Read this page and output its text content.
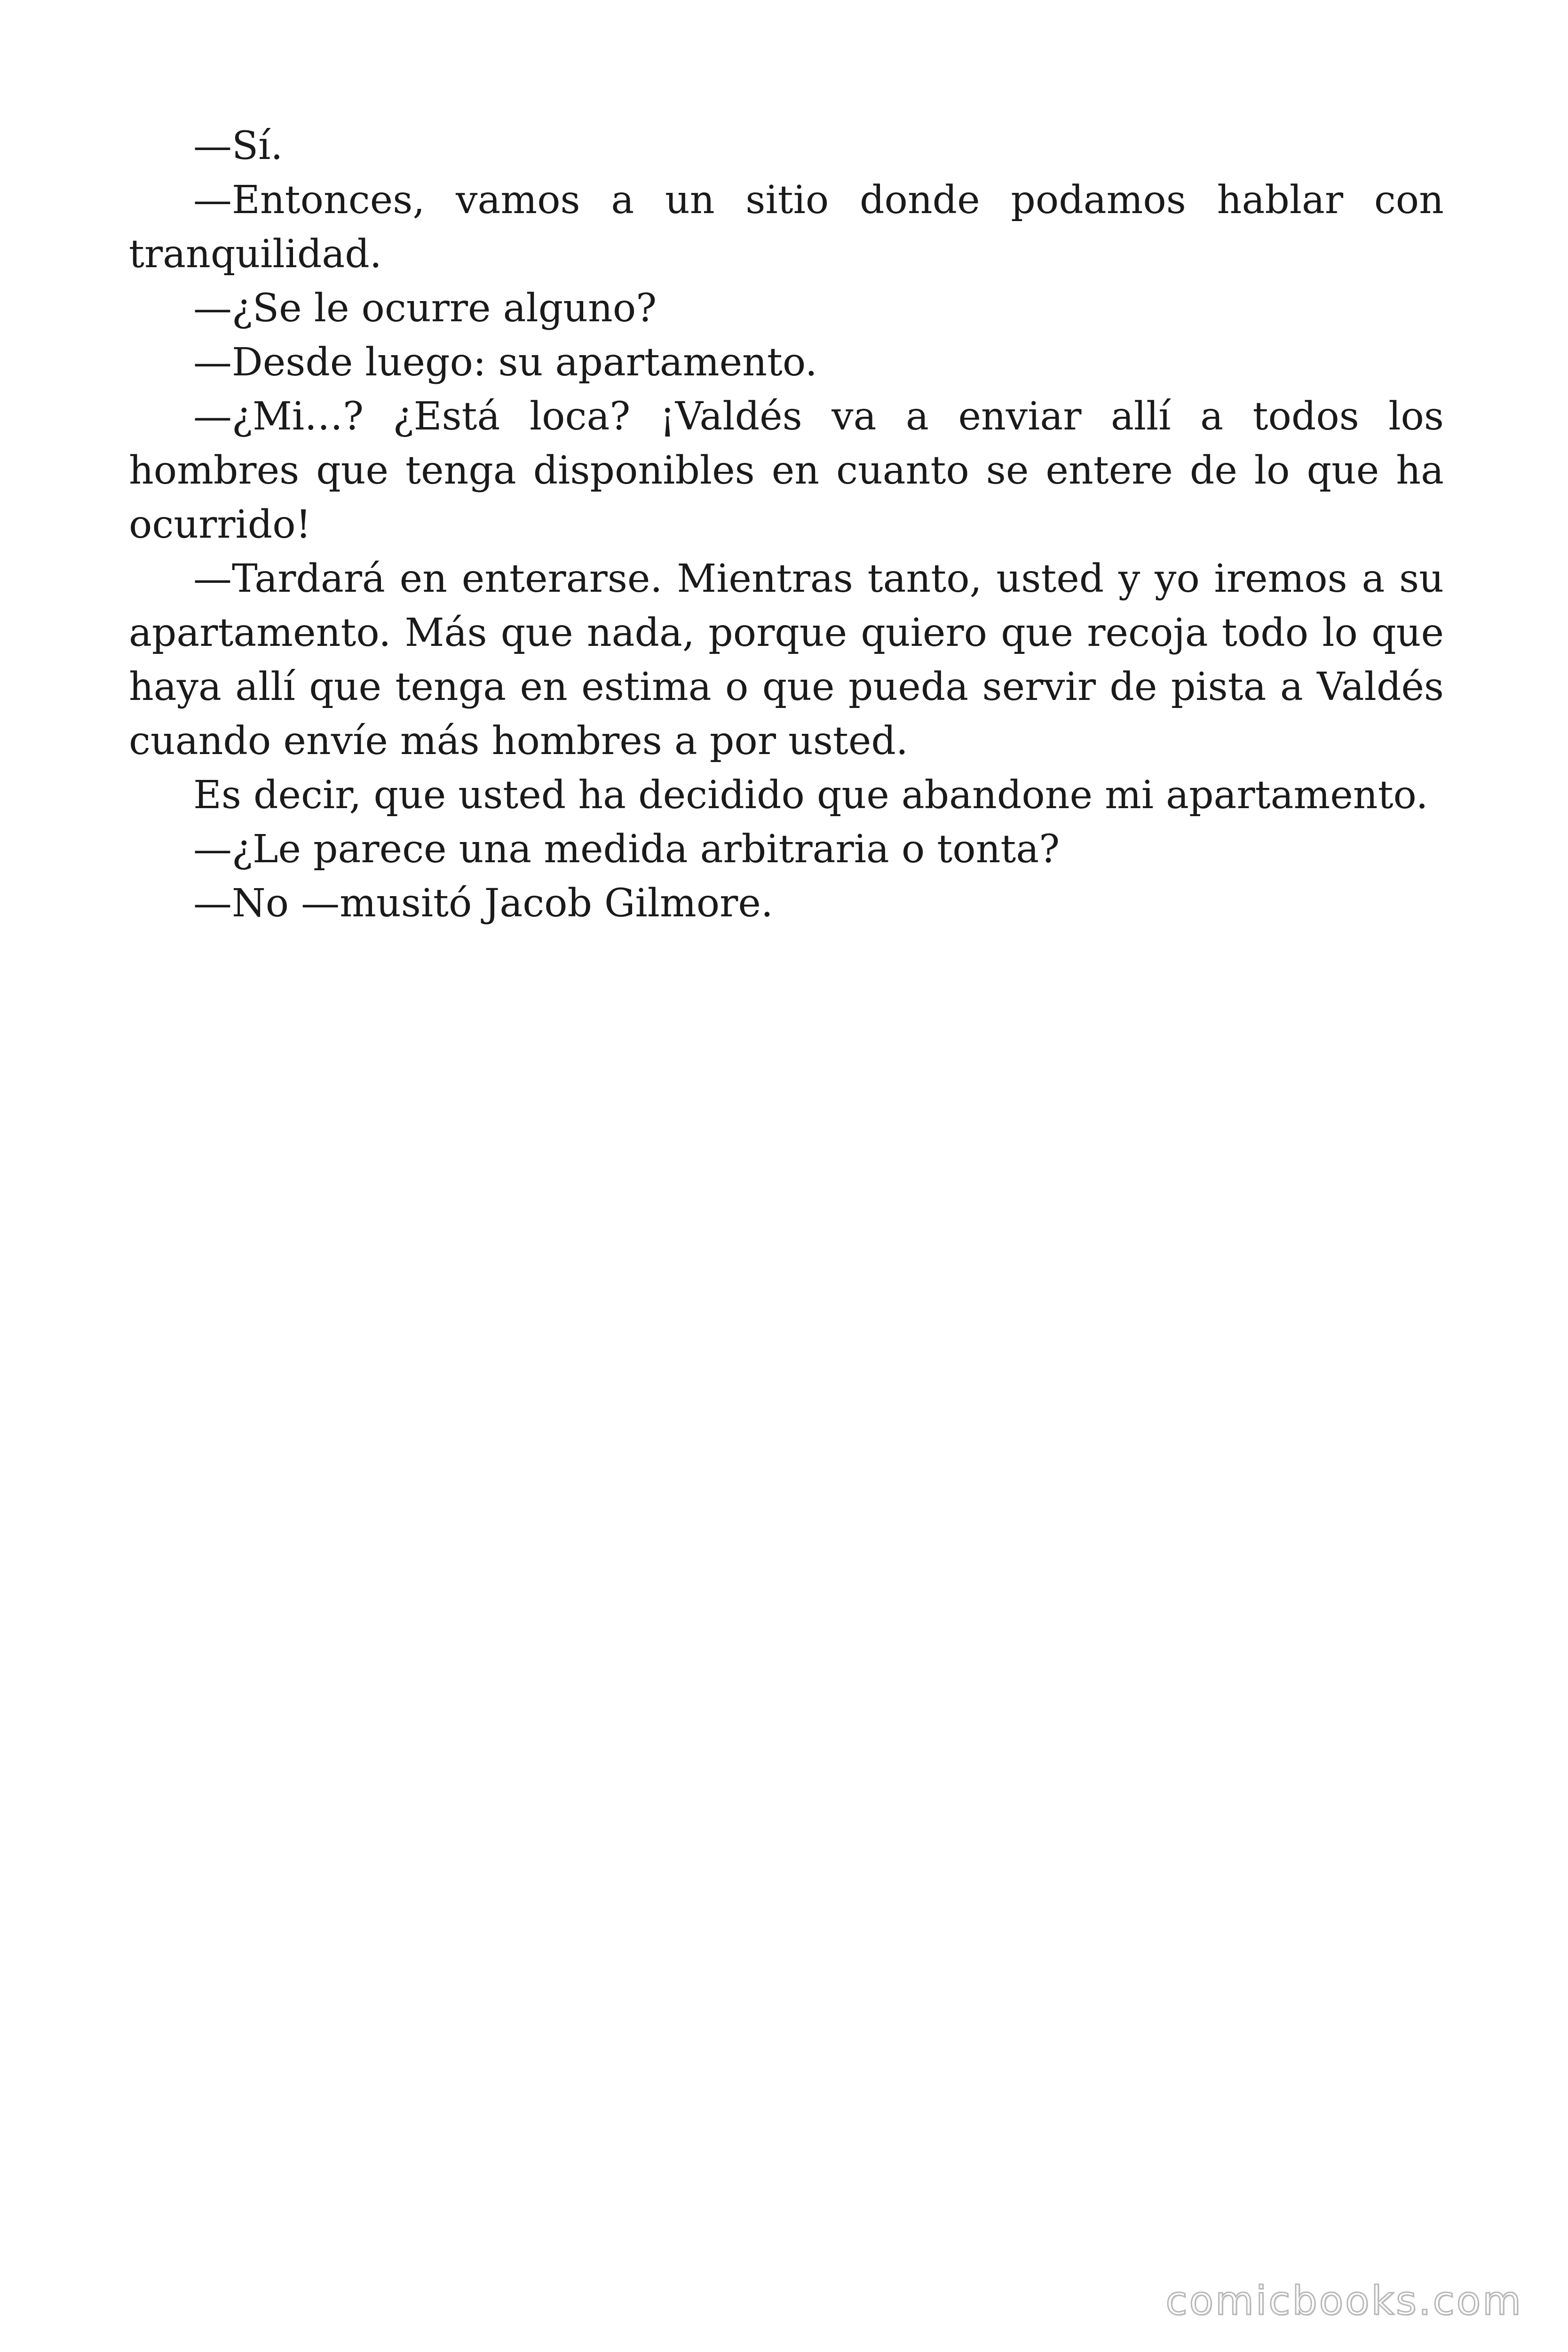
—Sí.

—Entonces, vamos a un sitio donde podamos hablar con tranquilidad.

—¿Se le ocurre alguno?

—Desde luego: su apartamento.

—¿Mi…? ¿Está loca? ¡Valdés va a enviar allí a todos los hombres que tenga disponibles en cuanto se entere de lo que ha ocurrido!

—Tardará en enterarse. Mientras tanto, usted y yo iremos a su apartamento. Más que nada, porque quiero que recoja todo lo que haya allí que tenga en estima o que pueda servir de pista a Valdés cuando envíe más hombres a por usted.

Es decir, que usted ha decidido que abandone mi apartamento.

—¿Le parece una medida arbitraria o tonta?

—No —musitó Jacob Gilmore.

comicbooks.com
